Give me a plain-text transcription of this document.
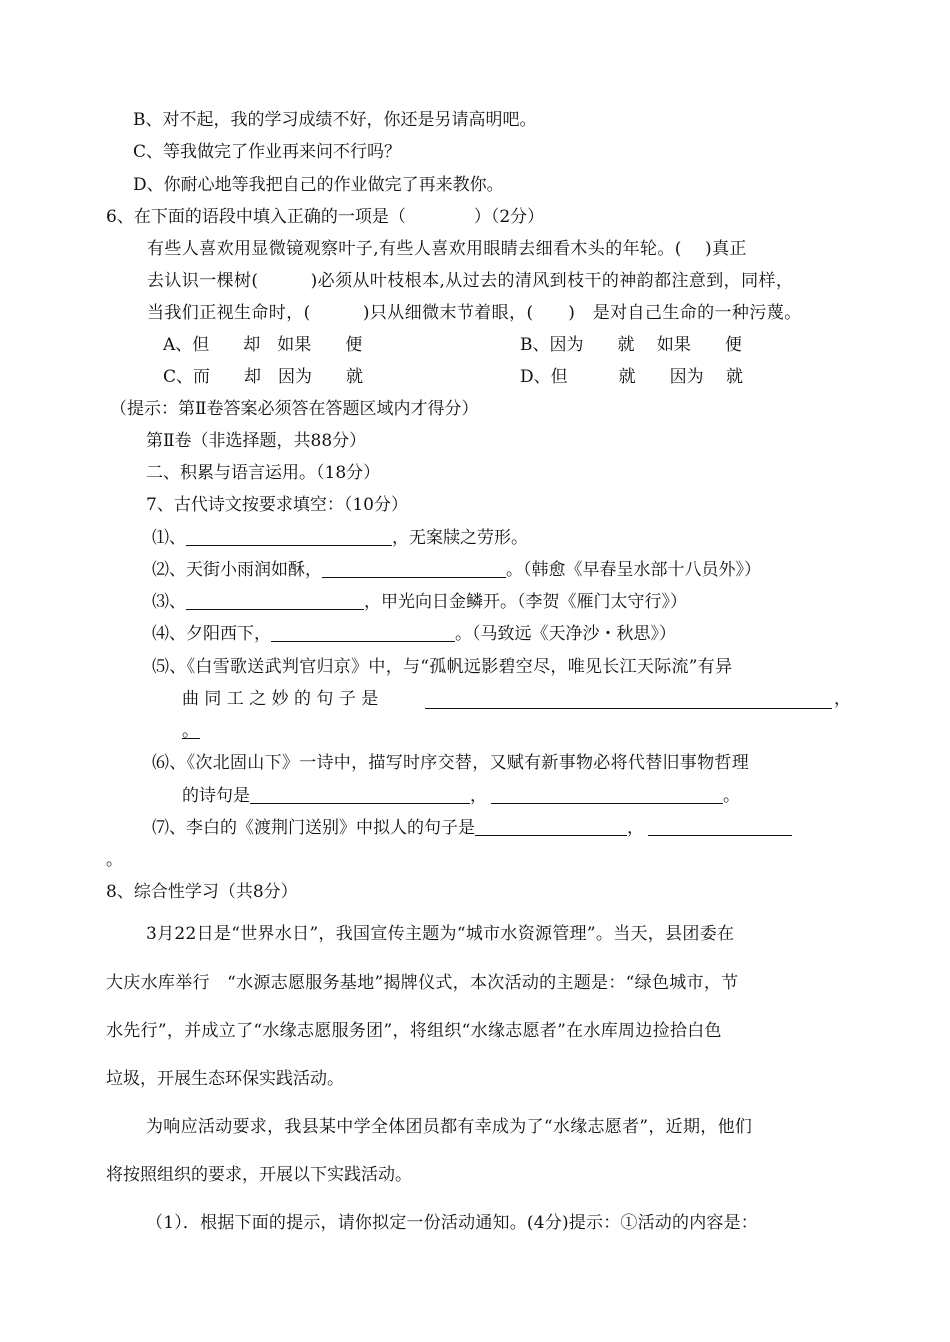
B、对不起，我的学习成绩不好，你还是另请高明吧。
C、等我做完了作业再来问不行吗？
D、你耐心地等我把自己的作业做完了再来教你。
6、在下面的语段中填入正确的一项是（　　　　）（2分）
有些人喜欢用显微镜观察叶子,有些人喜欢用眼睛去细看木头的年轮。(　 )真正
去认识一棵树(　　　)必须从叶枝根本,从过去的清风到枝干的神韵都注意到，同样，
当我们正视生命时，(　　　)只从细微末节着眼，(　　)　是对自己生命的一种污蔑。
A、但　　却　如果　　便	B、因为　　就　 如果　　便
C、而　　却　因为　　就	D、但　　　就　　因为　 就
（提示：第Ⅱ卷答案必须答在答题区域内才得分）
第Ⅱ卷（非选择题，共88分）
二、积累与语言运用。（18分）
7、古代诗文按要求填空：（10分）
⑴、	，无案牍之劳形。
⑵、天街小雨润如酥，	。（韩愈《早春呈水部十八员外》）
⑶、	，甲光向日金鳞开。（李贺《雁门太守行》）
⑷、夕阳西下，	。（马致远《天净沙・秋思》）
⑸、《白雪歌送武判官归京》中，与“孤帆远影碧空尽，唯见长江天际流”有异
曲 同 工 之 妙 的 句 子 是	，
。
⑹、《次北固山下》一诗中，描写时序交替，又赋有新事物必将代替旧事物哲理
的诗句是	，	。
⑺、李白的《渡荆门送别》中拟人的句子是	，
。
8、综合性学习（共8分）
3月22日是“世界水日”，我国宣传主题为“城市水资源管理”。当天，县团委在
大庆水库举行　“水源志愿服务基地”揭牌仪式，本次活动的主题是：“绿色城市，节
水先行”，并成立了“水缘志愿服务团”，将组织“水缘志愿者”在水库周边捡拾白色
垃圾，开展生态环保实践活动。
为响应活动要求，我县某中学全体团员都有幸成为了“水缘志愿者”，近期，他们
将按照组织的要求，开展以下实践活动。
（1）．根据下面的提示，请你拟定一份活动通知。(4分)提示：①活动的内容是：
